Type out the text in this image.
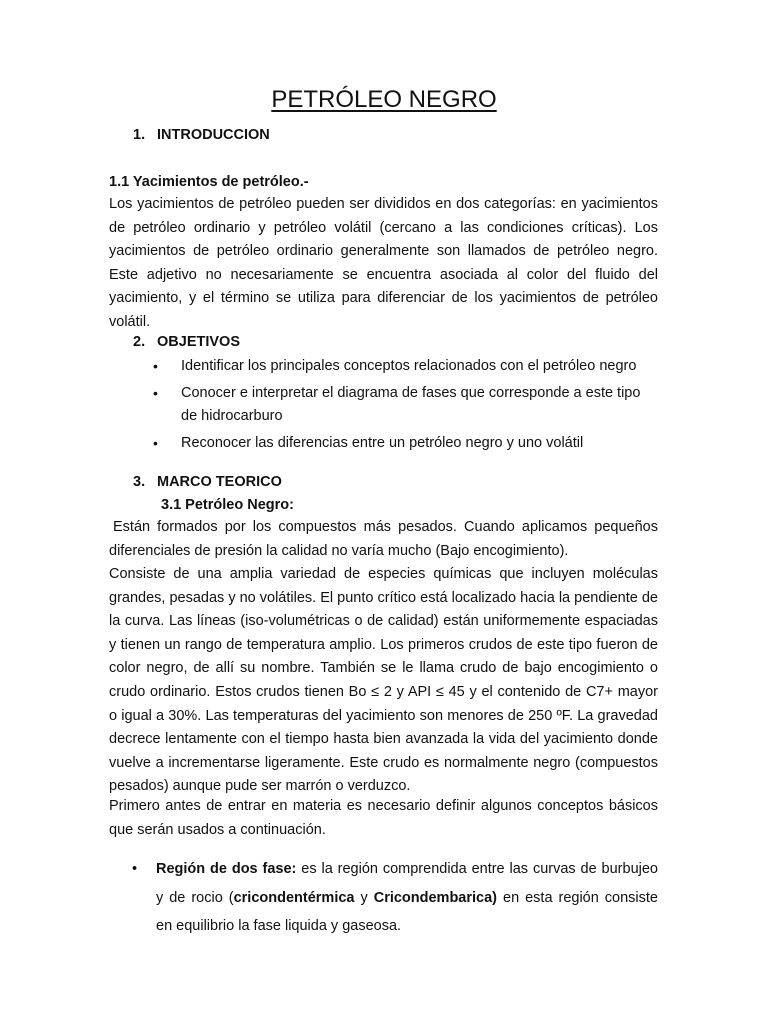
PETRÓLEO NEGRO
1. INTRODUCCION
1.1 Yacimientos de petróleo.-

Los yacimientos de petróleo pueden ser divididos en dos categorías: en yacimientos de petróleo ordinario y petróleo volátil (cercano a las condiciones críticas). Los yacimientos de petróleo ordinario generalmente son llamados de petróleo negro. Este adjetivo no necesariamente se encuentra asociada al color del fluido del yacimiento, y el término se utiliza para diferenciar de los yacimientos de petróleo volátil.

2. OBJETIVOS
• Identificar los principales conceptos relacionados con el petróleo negro
• Conocer e interpretar el diagrama de fases que corresponde a este tipo de hidrocarburo
• Reconocer las diferencias entre un petróleo negro y uno volátil
3. MARCO TEORICO
3.1 Petróleo Negro:

Están formados por los compuestos más pesados. Cuando aplicamos pequeños diferenciales de presión la calidad no varía mucho (Bajo encogimiento).

Consiste de una amplia variedad de especies químicas que incluyen moléculas grandes, pesadas y no volátiles. El punto crítico está localizado hacia la pendiente de la curva. Las líneas (iso-volumétricas o de calidad) están uniformemente espaciadas y tienen un rango de temperatura amplio. Los primeros crudos de este tipo fueron de color negro, de allí su nombre. También se le llama crudo de bajo encogimiento o crudo ordinario. Estos crudos tienen Bo ≤ 2 y API ≤ 45 y el contenido de C7+ mayor o igual a 30%. Las temperaturas del yacimiento son menores de 250 ºF. La gravedad decrece lentamente con el tiempo hasta bien avanzada la vida del yacimiento donde vuelve a incrementarse ligeramente. Este crudo es normalmente negro (compuestos pesados) aunque pude ser marrón o verduzco.

Primero antes de entrar en materia es necesario definir algunos conceptos básicos que serán usados a continuación.

• Región de dos fase: es la región comprendida entre las curvas de burbujeo y de rocio (cricondentérmica y Cricondembarica) en esta región consiste en equilibrio la fase liquida y gaseosa.
